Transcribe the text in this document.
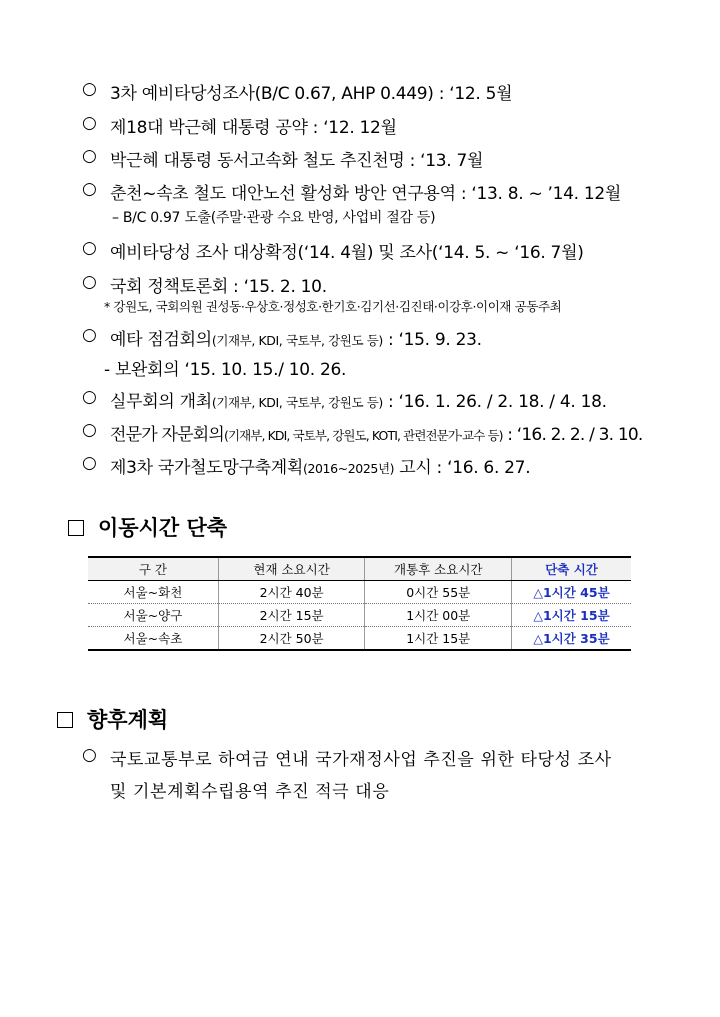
○ 3차 예비타당성조사(B/C 0.67, AHP 0.449) : ‘12. 5월
○ 제18대 박근혜 대통령 공약 : ‘12. 12월
○ 박근혜 대통령 동서고속화 철도 추진천명 : ‘13. 7월
○ 춘천~속초 철도 대안노선 활성화 방안 연구용역 : ‘13. 8. ~ ’14. 12월
– B/C 0.97 도출(주말·관광 수요 반영, 사업비 절감 등)
○ 예비타당성 조사 대상확정(‘14. 4월) 및 조사(‘14. 5. ~ ‘16. 7월)
○ 국회 정책토론회 : ‘15. 2. 10.
* 강원도, 국회의원 권성동·우상호·정성호·한기호·김기선·김진태·이강후·이이재 공동주최
○ 예타 점검회의(기재부, KDI, 국토부, 강원도 등) : ‘15. 9. 23.
- 보완회의 ‘15. 10. 15./ 10. 26.
○ 실무회의 개최(기재부, KDI, 국토부, 강원도 등) : ‘16. 1. 26. / 2. 18. / 4. 18.
○ 전문가 자문회의(기재부, KDI, 국토부, 강원도, KOTI, 관련전문가·교수 등) : ‘16. 2. 2. / 3. 10.
○ 제3차 국가철도망구축계획(2016~2025년) 고시 : ‘16. 6. 27.
이동시간 단축
구 간	현재 소요시간	개통후 소요시간	단축 시간
서울~화천	2시간 40분	0시간 55분	△1시간 45분
서울~양구	2시간 15분	1시간 00분	△1시간 15분
서울~속초	2시간 50분	1시간 15분	△1시간 35분
향후계획
○ 국토교통부로 하여금 연내 국가재정사업 추진을 위한 타당성 조사
및 기본계획수립용역 추진 적극 대응
